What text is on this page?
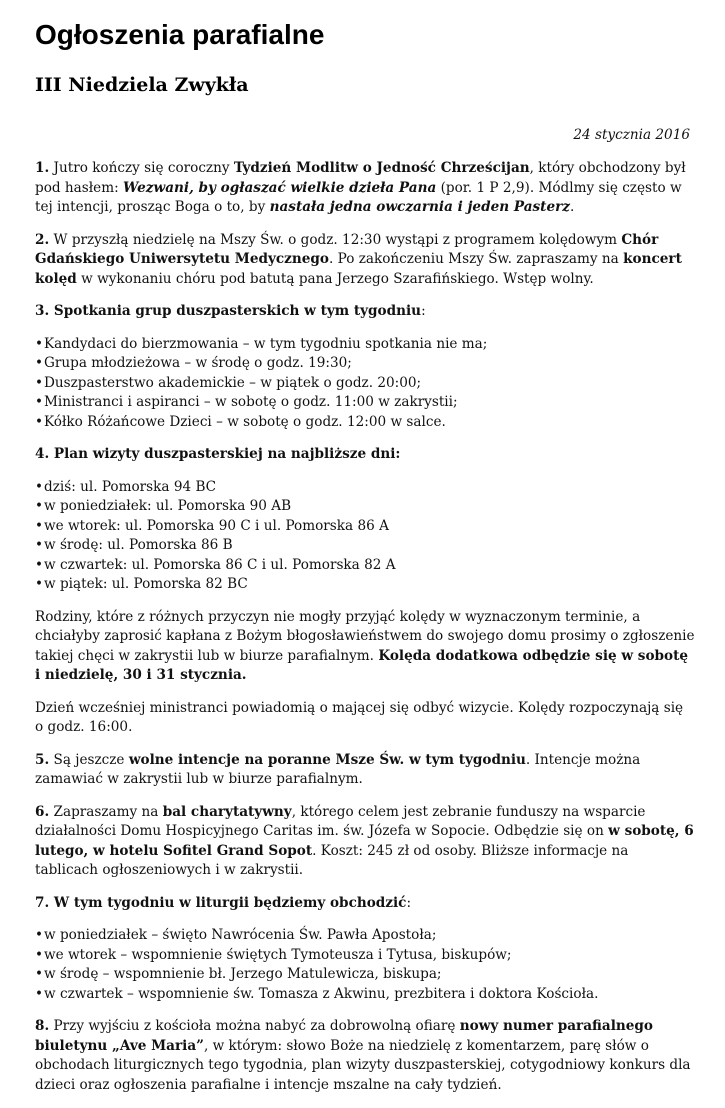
Ogłoszenia parafialne
III Niedziela Zwykła
24 stycznia 2016

1. Jutro kończy się coroczny Tydzień Modlitw o Jedność Chrześcijan, który obchodzony był pod hasłem: Wezwani, by ogłaszać wielkie dzieła Pana (por. 1 P 2,9). Módlmy się często w tej intencji, prosząc Boga o to, by nastała jedna owczarnia i jeden Pasterz.

2. W przyszłą niedzielę na Mszy Św. o godz. 12:30 wystąpi z programem kolędowym Chór Gdańskiego Uniwersytetu Medycznego. Po zakończeniu Mszy Św. zapraszamy na koncert kolęd w wykonaniu chóru pod batutą pana Jerzego Szarafińskiego. Wstęp wolny.

3. Spotkania grup duszpasterskich w tym tygodniu:

•Kandydaci do bierzmowania – w tym tygodniu spotkania nie ma;
•Grupa młodzieżowa – w środę o godz. 19:30;
•Duszpasterstwo akademickie – w piątek o godz. 20:00;
•Ministranci i aspiranci – w sobotę o godz. 11:00 w zakrystii;
•Kółko Różańcowe Dzieci – w sobotę o godz. 12:00 w salce.

4. Plan wizyty duszpasterskiej na najbliższe dni:

•dziś: ul. Pomorska 94 BC
•w poniedziałek: ul. Pomorska 90 AB
•we wtorek: ul. Pomorska 90 C i ul. Pomorska 86 A
•w środę: ul. Pomorska 86 B
•w czwartek: ul. Pomorska 86 C i ul. Pomorska 82 A
•w piątek: ul. Pomorska 82 BC

Rodziny, które z różnych przyczyn nie mogły przyjąć kolędy w wyznaczonym terminie, a chciałyby zaprosić kapłana z Bożym błogosławieństwem do swojego domu prosimy o zgłoszenie takiej chęci w zakrystii lub w biurze parafialnym. Kolęda dodatkowa odbędzie się w sobotę i niedzielę, 30 i 31 stycznia.

Dzień wcześniej ministranci powiadomią o mającej się odbyć wizycie. Kolędy rozpoczynają się o godz. 16:00.

5. Są jeszcze wolne intencje na poranne Msze Św. w tym tygodniu. Intencje można zamawiać w zakrystii lub w biurze parafialnym.

6. Zapraszamy na bal charytatywny, którego celem jest zebranie funduszy na wsparcie działalności Domu Hospicyjnego Caritas im. św. Józefa w Sopocie. Odbędzie się on w sobotę, 6 lutego, w hotelu Sofitel Grand Sopot. Koszt: 245 zł od osoby. Bliższe informacje na tablicach ogłoszeniowych i w zakrystii.

7. W tym tygodniu w liturgii będziemy obchodzić:

•w poniedziałek – święto Nawrócenia Św. Pawła Apostoła;
•we wtorek – wspomnienie świętych Tymoteusza i Tytusa, biskupów;
•w środę – wspomnienie bł. Jerzego Matulewicza, biskupa;
•w czwartek – wspomnienie św. Tomasza z Akwinu, prezbitera i doktora Kościoła.

8. Przy wyjściu z kościoła można nabyć za dobrowolną ofiarę nowy numer parafialnego biuletynu „Ave Maria”, w którym: słowo Boże na niedzielę z komentarzem, parę słów o obchodach liturgicznych tego tygodnia, plan wizyty duszpasterskiej, cotygodniowy konkurs dla dzieci oraz ogłoszenia parafialne i intencje mszalne na cały tydzień.
